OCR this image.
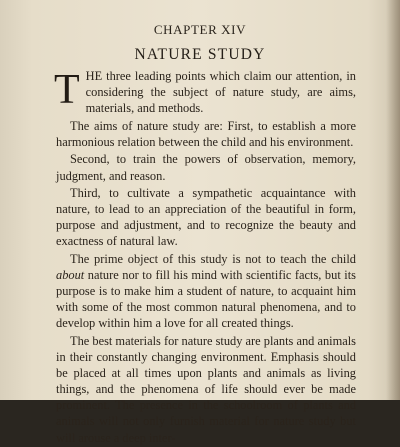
CHAPTER XIV
NATURE STUDY

THE three leading points which claim our attention, in considering the subject of nature study, are aims, materials, and methods.

The aims of nature study are: First, to establish a more harmonious relation between the child and his environment.

Second, to train the powers of observation, memory, judgment, and reason.

Third, to cultivate a sympathetic acquaintance with nature, to lead to an appreciation of the beautiful in form, purpose and adjustment, and to recognize the beauty and exactness of natural law.

The prime object of this study is not to teach the child about nature nor to fill his mind with scientific facts, but its purpose is to make him a student of nature, to acquaint him with some of the most common natural phenomena, and to develop within him a love for all created things.

The best materials for nature study are plants and animals in their constantly changing environment. Emphasis should be placed at all times upon plants and animals as living things, and the phenomena of life should ever be made prominent. The presence in the schoolroom of plants and animals will not only furnish material for nature study but will arouse a deep inter-
